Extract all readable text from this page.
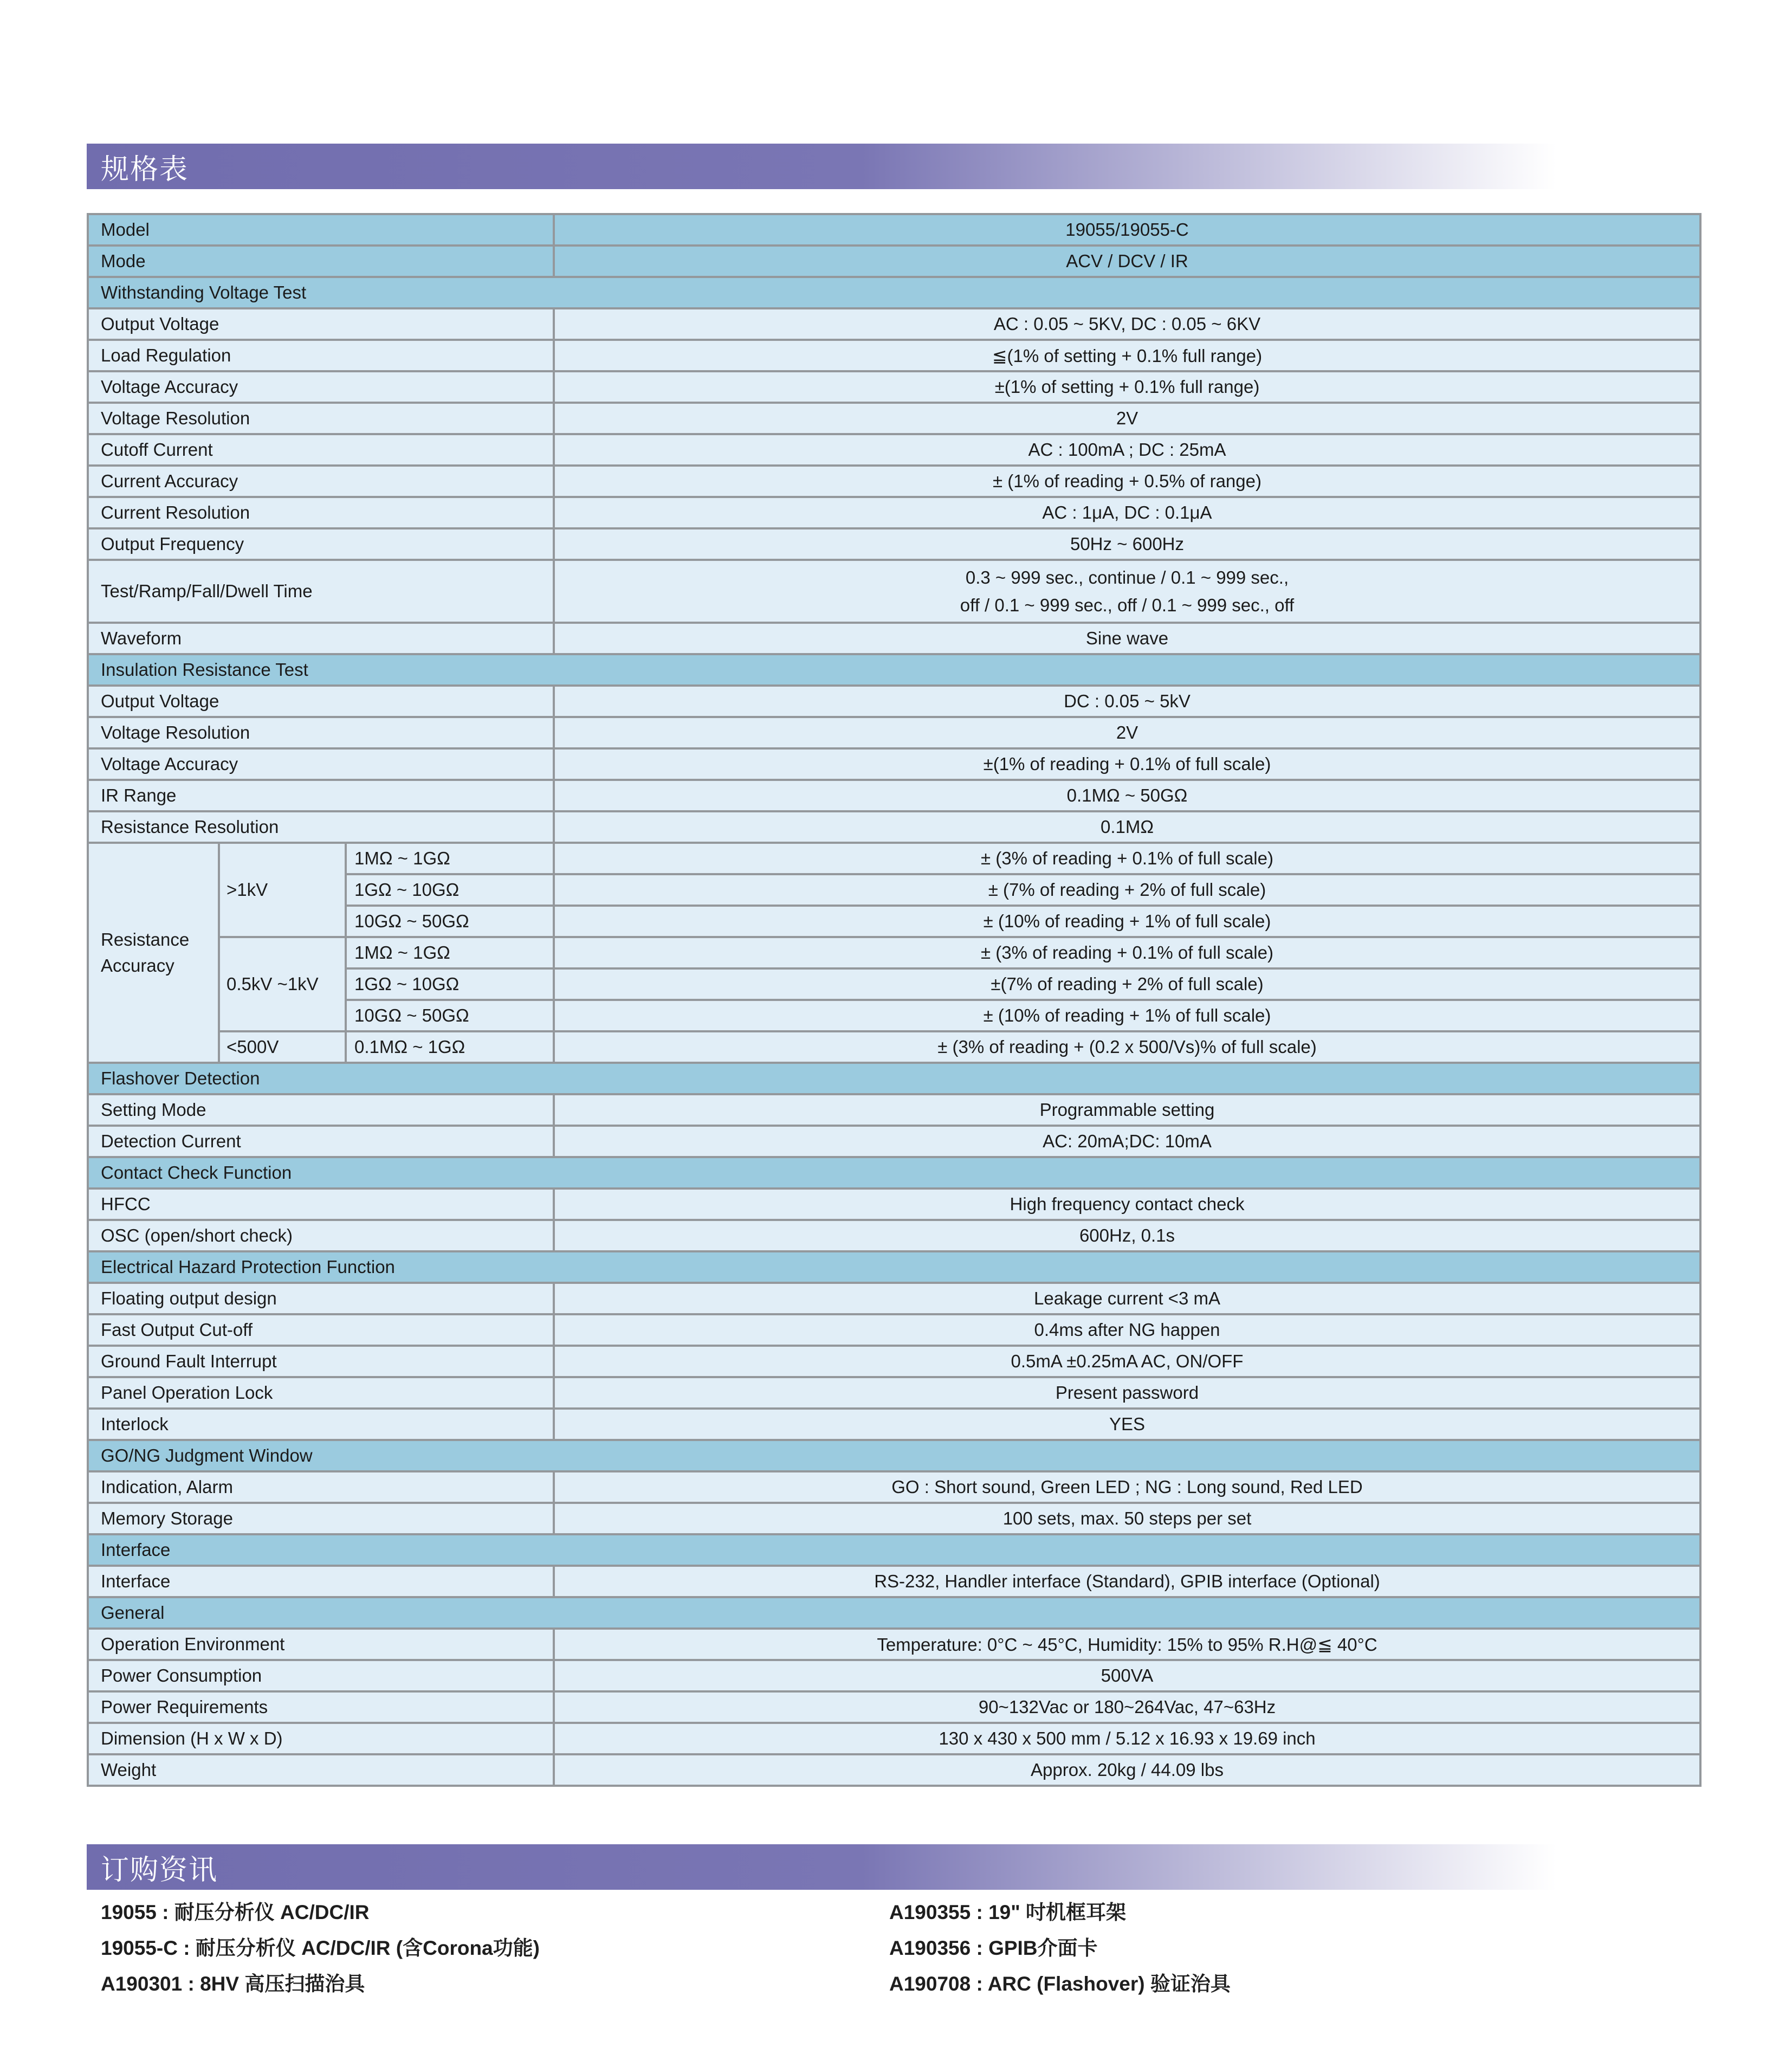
规格表
Model	19055/19055-C
Mode	ACV / DCV / IR
Withstanding Voltage Test
Output Voltage	AC : 0.05 ~ 5KV, DC : 0.05 ~ 6KV
Load Regulation	≦(1% of setting + 0.1% full range)
Voltage Accuracy	±(1% of setting + 0.1% full range)
Voltage Resolution	2V
Cutoff Current	AC : 100mA ; DC : 25mA
Current Accuracy	± (1% of reading + 0.5% of range)
Current Resolution	AC : 1μA, DC : 0.1μA
Output Frequency	50Hz ~ 600Hz
Test/Ramp/Fall/Dwell Time
0.3 ~ 999 sec., continue / 0.1 ~ 999 sec.,
off / 0.1 ~ 999 sec., off / 0.1 ~ 999 sec., off
Waveform	Sine wave
Insulation Resistance Test
Output Voltage	DC : 0.05 ~ 5kV
Voltage Resolution	2V
Voltage Accuracy	±(1% of reading + 0.1% of full scale)
IR Range	0.1MΩ ~ 50GΩ
Resistance Resolution	0.1MΩ
Resistance
Accuracy
>1kV
1MΩ ~ 1GΩ	± (3% of reading + 0.1% of full scale)
1GΩ ~ 10GΩ	± (7% of reading + 2% of full scale)
10GΩ ~ 50GΩ	± (10% of reading + 1% of full scale)
0.5kV ~1kV
1MΩ ~ 1GΩ	± (3% of reading + 0.1% of full scale)
1GΩ ~ 10GΩ	±(7% of reading + 2% of full scale)
10GΩ ~ 50GΩ	± (10% of reading + 1% of full scale)
<500V	0.1MΩ ~ 1GΩ	± (3% of reading + (0.2 x 500/Vs)% of full scale)
Flashover Detection
Setting Mode	Programmable setting
Detection Current	AC: 20mA;DC: 10mA
Contact Check Function
HFCC	High frequency contact check
OSC (open/short check)	600Hz, 0.1s
Electrical Hazard Protection Function
Floating output design	Leakage current <3 mA
Fast Output Cut-off	0.4ms after NG happen
Ground Fault Interrupt	0.5mA ±0.25mA AC, ON/OFF
Panel Operation Lock	Present password
Interlock	YES
GO/NG Judgment Window
Indication, Alarm	GO : Short sound, Green LED ; NG : Long sound, Red LED
Memory Storage	100 sets, max. 50 steps per set
Interface
Interface	RS-232, Handler interface (Standard), GPIB interface (Optional)
General
Operation Environment	Temperature: 0°C ~ 45°C, Humidity: 15% to 95% R.H@≦ 40°C
Power Consumption	500VA
Power Requirements	90~132Vac or 180~264Vac, 47~63Hz
Dimension (H x W x D)	130 x 430 x 500 mm / 5.12 x 16.93 x 19.69 inch
Weight	Approx. 20kg / 44.09 lbs
订购资讯
19055 : 耐压分析仪 AC/DC/IR
19055-C : 耐压分析仪 AC/DC/IR (含Corona功能)
A190301 : 8HV 高压扫描治具
A190355 : 19" 吋机框耳架
A190356 : GPIB介面卡
A190708 : ARC (Flashover) 验证治具
